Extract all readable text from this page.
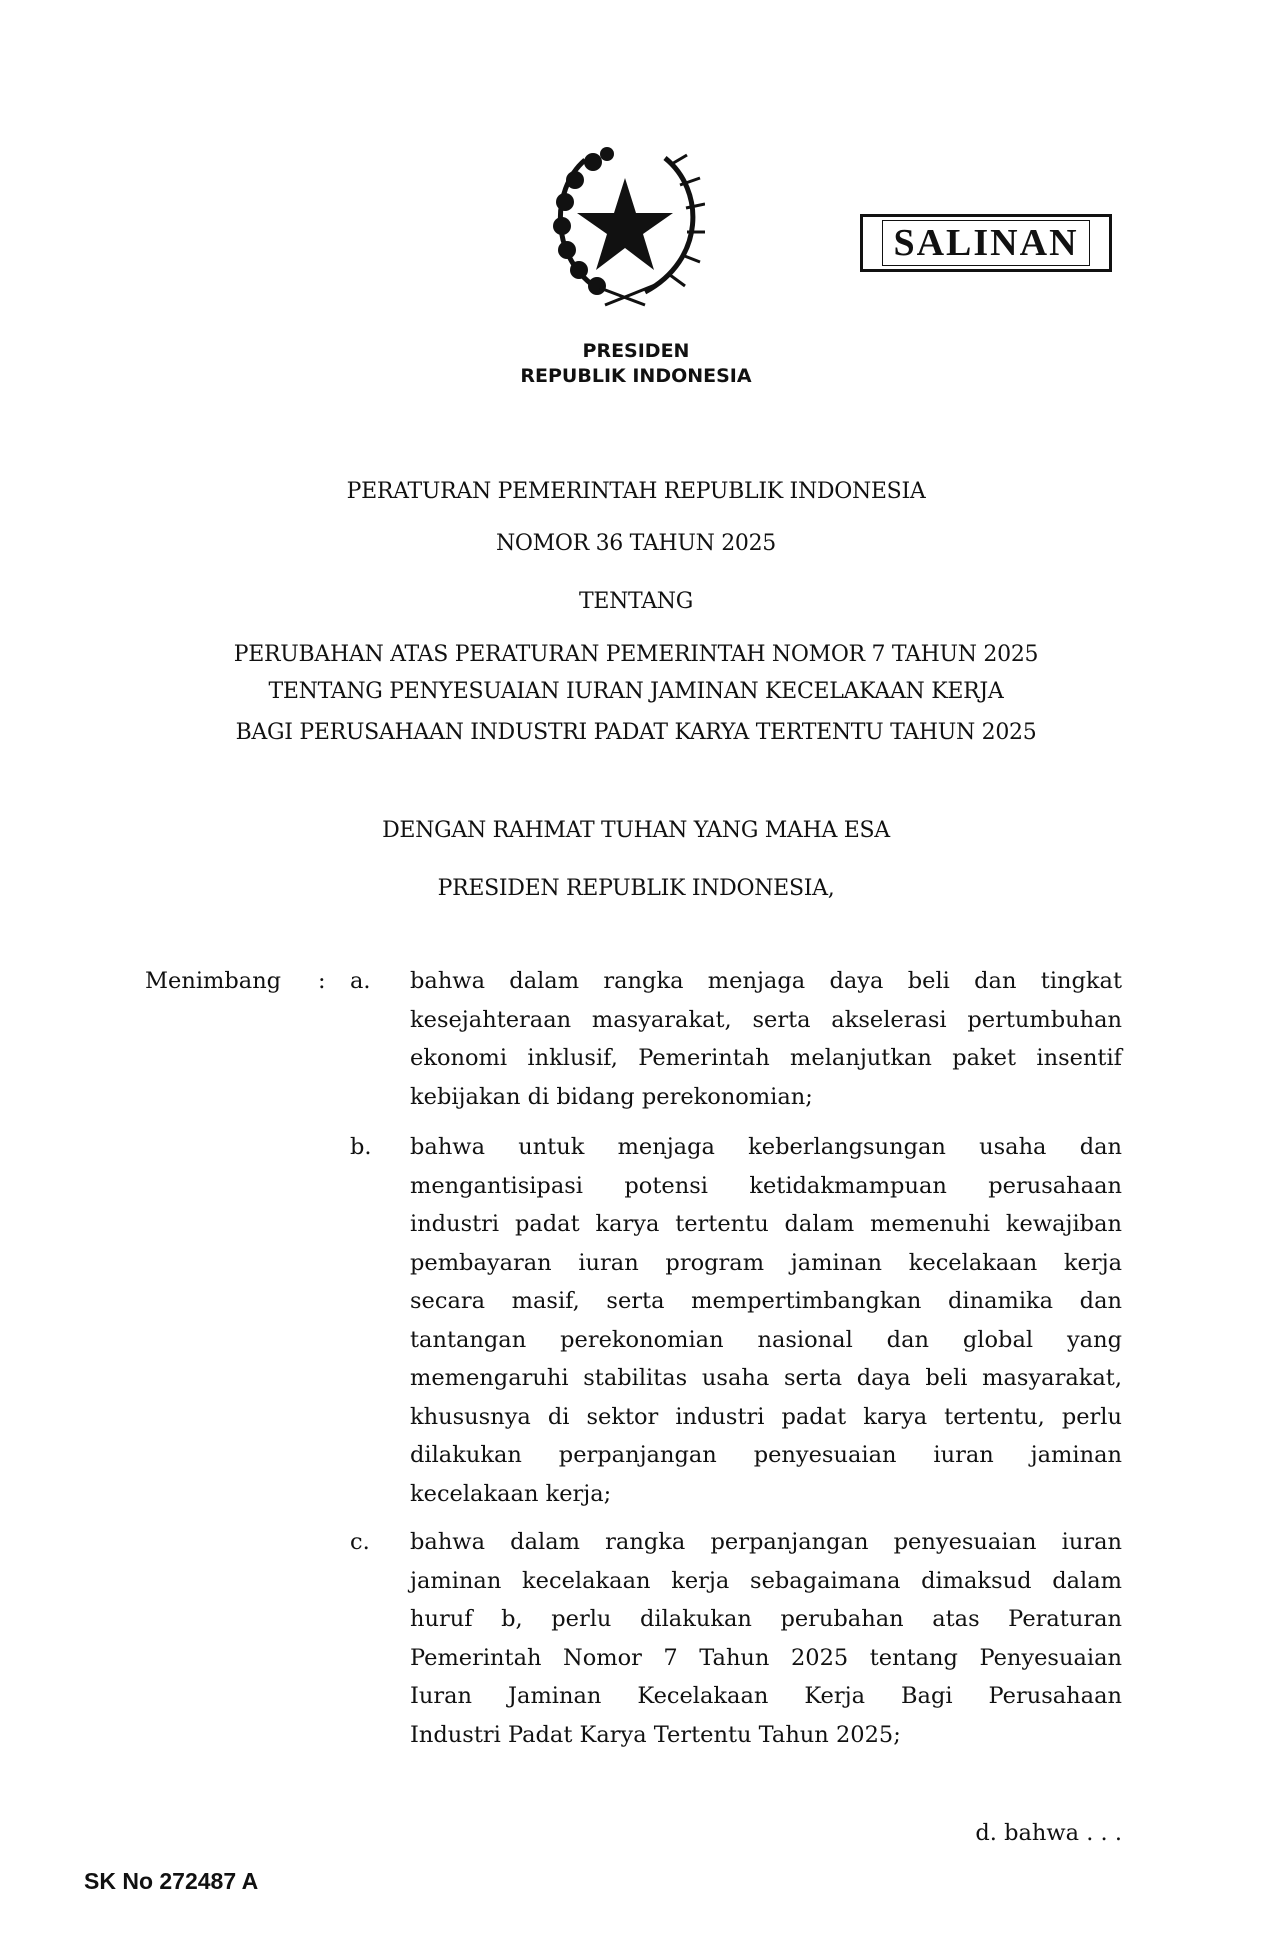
SALINAN
PRESIDEN
REPUBLIK INDONESIA
PERATURAN PEMERINTAH REPUBLIK INDONESIA
NOMOR 36 TAHUN 2025
TENTANG
PERUBAHAN ATAS PERATURAN PEMERINTAH NOMOR 7 TAHUN 2025
TENTANG PENYESUAIAN IURAN JAMINAN KECELAKAAN KERJA
BAGI PERUSAHAAN INDUSTRI PADAT KARYA TERTENTU TAHUN 2025
DENGAN RAHMAT TUHAN YANG MAHA ESA
PRESIDEN REPUBLIK INDONESIA,
Menimbang : a. bahwa dalam rangka menjaga daya beli dan tingkat
kesejahteraan masyarakat, serta akselerasi pertumbuhan
ekonomi inklusif, Pemerintah melanjutkan paket insentif
kebijakan di bidang perekonomian;
b. bahwa untuk menjaga keberlangsungan usaha dan
mengantisipasi potensi ketidakmampuan perusahaan
industri padat karya tertentu dalam memenuhi kewajiban
pembayaran iuran program jaminan kecelakaan kerja
secara masif, serta mempertimbangkan dinamika dan
tantangan perekonomian nasional dan global yang
memengaruhi stabilitas usaha serta daya beli masyarakat,
khususnya di sektor industri padat karya tertentu, perlu
dilakukan perpanjangan penyesuaian iuran jaminan
kecelakaan kerja;
c. bahwa dalam rangka perpanjangan penyesuaian iuran
jaminan kecelakaan kerja sebagaimana dimaksud dalam
huruf b, perlu dilakukan perubahan atas Peraturan
Pemerintah Nomor 7 Tahun 2025 tentang Penyesuaian
Iuran Jaminan Kecelakaan Kerja Bagi Perusahaan
Industri Padat Karya Tertentu Tahun 2025;
d. bahwa . . .
SK No 272487 A
